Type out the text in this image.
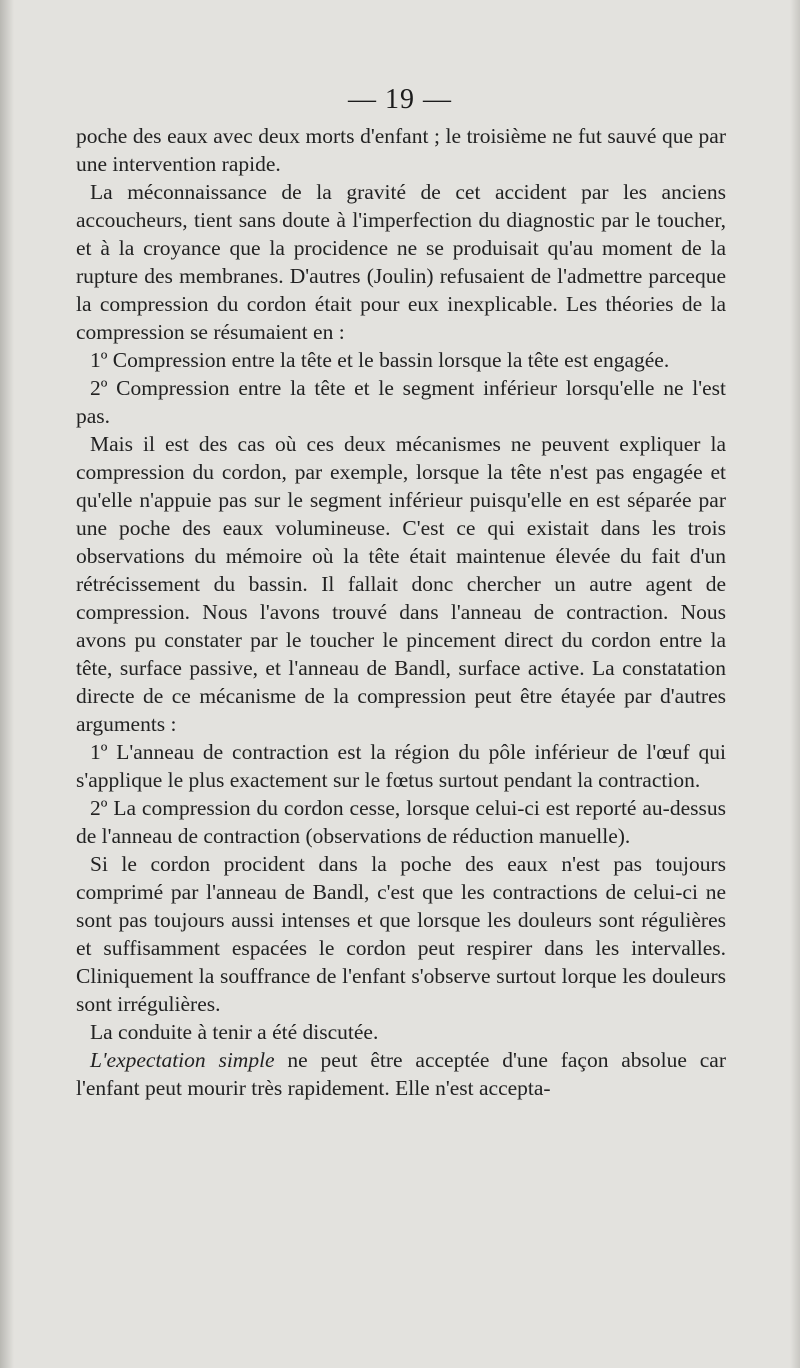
— 19 —

poche des eaux avec deux morts d'enfant ; le troisième ne fut sauvé que par une intervention rapide.

La méconnaissance de la gravité de cet accident par les anciens accoucheurs, tient sans doute à l'imperfection du diagnostic par le toucher, et à la croyance que la procidence ne se produisait qu'au moment de la rupture des membranes. D'autres (Joulin) refusaient de l'admettre parceque la compression du cordon était pour eux inexplicable. Les théories de la compression se résumaient en :

1º Compression entre la tête et le bassin lorsque la tête est engagée.

2º Compression entre la tête et le segment inférieur lorsqu'elle ne l'est pas.

Mais il est des cas où ces deux mécanismes ne peuvent expliquer la compression du cordon, par exemple, lorsque la tête n'est pas engagée et qu'elle n'appuie pas sur le segment inférieur puisqu'elle en est séparée par une poche des eaux volumineuse. C'est ce qui existait dans les trois observations du mémoire où la tête était maintenue élevée du fait d'un rétrécissement du bassin. Il fallait donc chercher un autre agent de compression. Nous l'avons trouvé dans l'anneau de contraction. Nous avons pu constater par le toucher le pincement direct du cordon entre la tête, surface passive, et l'anneau de Bandl, surface active. La constatation directe de ce mécanisme de la compression peut être étayée par d'autres arguments :

1º L'anneau de contraction est la région du pôle inférieur de l'œuf qui s'applique le plus exactement sur le fœtus surtout pendant la contraction.

2º La compression du cordon cesse, lorsque celui-ci est reporté au-dessus de l'anneau de contraction (observations de réduction manuelle).

Si le cordon procident dans la poche des eaux n'est pas toujours comprimé par l'anneau de Bandl, c'est que les contractions de celui-ci ne sont pas toujours aussi intenses et que lorsque les douleurs sont régulières et suffisamment espacées le cordon peut respirer dans les intervalles. Cliniquement la souffrance de l'enfant s'observe surtout lorque les douleurs sont irrégulières.

La conduite à tenir a été discutée.

L'expectation simple ne peut être acceptée d'une façon absolue car l'enfant peut mourir très rapidement. Elle n'est accepta-
